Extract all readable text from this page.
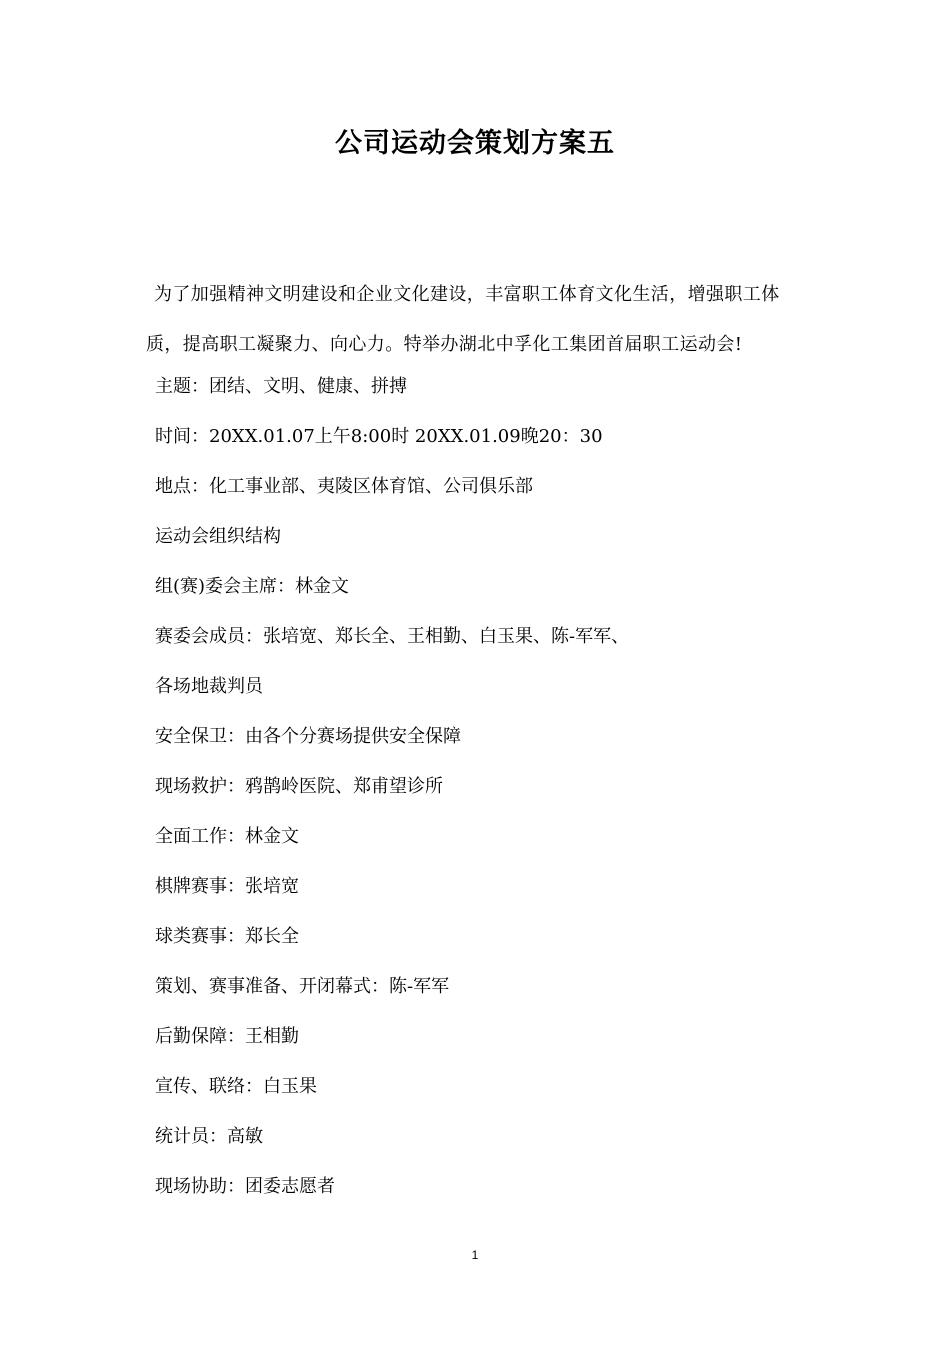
公司运动会策划方案五

为了加强精神文明建设和企业文化建设，丰富职工体育文化生活，增强职工体质，提高职工凝聚力、向心力。特举办湖北中孚化工集团首届职工运动会!

主题：团结、文明、健康、拼搏
时间：20XX.01.07上午8:00时 20XX.01.09晚20：30
地点：化工事业部、夷陵区体育馆、公司俱乐部
运动会组织结构
组(赛)委会主席：林金文
赛委会成员：张培宽、郑长全、王相勤、白玉果、陈-军军、
各场地裁判员
安全保卫：由各个分赛场提供安全保障
现场救护：鸦鹊岭医院、郑甫望诊所
全面工作：林金文
棋牌赛事：张培宽
球类赛事：郑长全
策划、赛事准备、开闭幕式：陈-军军
后勤保障：王相勤
宣传、联络：白玉果
统计员：高敏
现场协助：团委志愿者
1
